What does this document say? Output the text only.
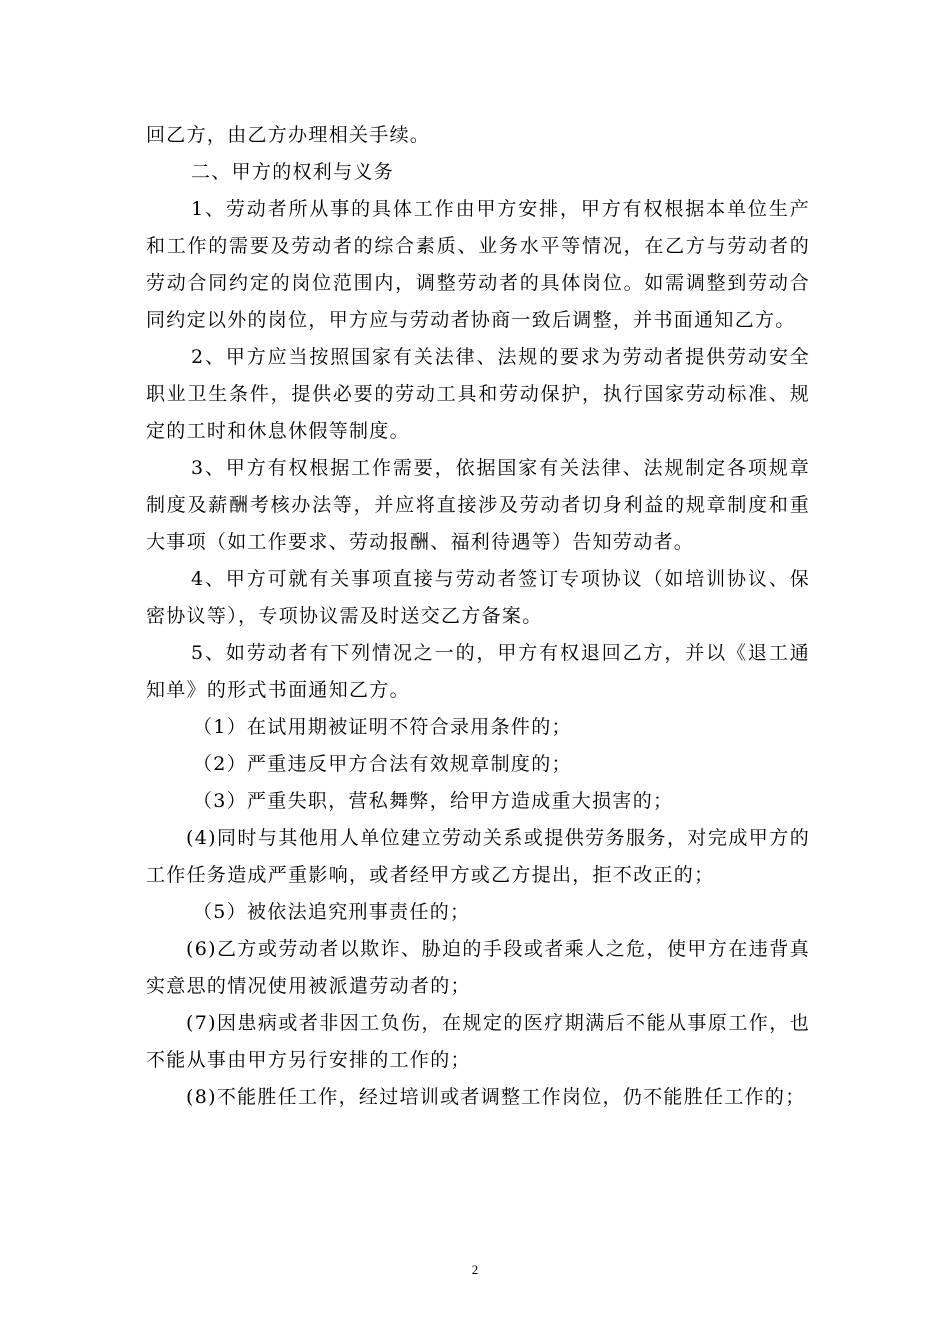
回乙方，由乙方办理相关手续。

二、甲方的权利与义务

1、劳动者所从事的具体工作由甲方安排，甲方有权根据本单位生产和工作的需要及劳动者的综合素质、业务水平等情况，在乙方与劳动者的劳动合同约定的岗位范围内，调整劳动者的具体岗位。如需调整到劳动合同约定以外的岗位，甲方应与劳动者协商一致后调整，并书面通知乙方。

2、甲方应当按照国家有关法律、法规的要求为劳动者提供劳动安全职业卫生条件，提供必要的劳动工具和劳动保护，执行国家劳动标准、规定的工时和休息休假等制度。

3、甲方有权根据工作需要，依据国家有关法律、法规制定各项规章制度及薪酬考核办法等，并应将直接涉及劳动者切身利益的规章制度和重大事项（如工作要求、劳动报酬、福利待遇等）告知劳动者。

4、甲方可就有关事项直接与劳动者签订专项协议（如培训协议、保密协议等），专项协议需及时送交乙方备案。

5、如劳动者有下列情况之一的，甲方有权退回乙方，并以《退工通知单》的形式书面通知乙方。

（1）在试用期被证明不符合录用条件的；

（2）严重违反甲方合法有效规章制度的；

（3）严重失职，营私舞弊，给甲方造成重大损害的；

(4)同时与其他用人单位建立劳动关系或提供劳务服务，对完成甲方的工作任务造成严重影响，或者经甲方或乙方提出，拒不改正的；

（5）被依法追究刑事责任的；

(6)乙方或劳动者以欺诈、胁迫的手段或者乘人之危，使甲方在违背真实意思的情况使用被派遣劳动者的；

(7)因患病或者非因工负伤，在规定的医疗期满后不能从事原工作，也不能从事由甲方另行安排的工作的；

(8)不能胜任工作，经过培训或者调整工作岗位，仍不能胜任工作的；

2
